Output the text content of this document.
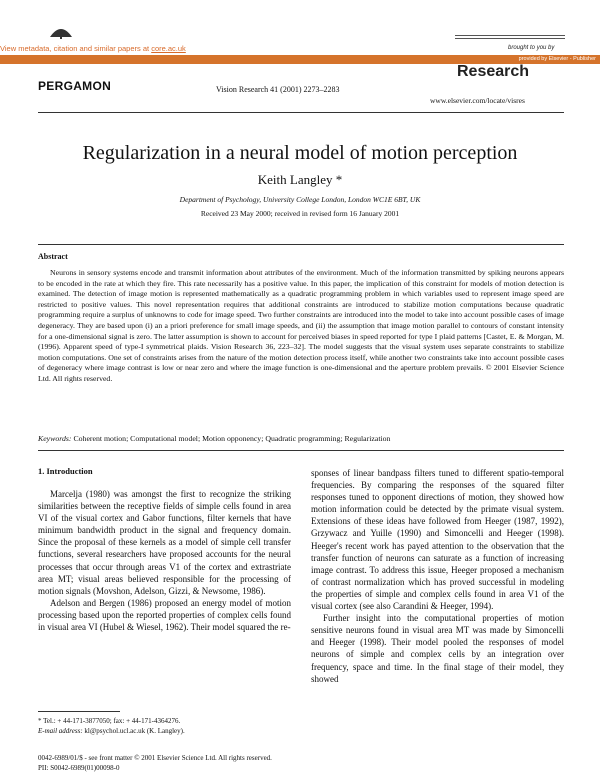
View metadata, citation and similar papers at core.ac.uk	brought to you by
provided by Elsevier - Publisher
PERGAMON	Vision Research 41 (2001) 2273–2283
Research
www.elsevier.com/locate/visres
Regularization in a neural model of motion perception
Keith Langley *
Department of Psychology, University College London, London WC1E 6BT, UK
Received 23 May 2000; received in revised form 16 January 2001
Abstract
Neurons in sensory systems encode and transmit information about attributes of the environment. Much of the information transmitted by spiking neurons appears to be encoded in the rate at which they fire. This rate necessarily has a positive value. In this paper, the implication of this constraint for models of motion detection is examined. The detection of image motion is represented mathematically as a quadratic programming problem in which variables used to represent image speed are restricted to positive values. This novel representation requires that additional constraints are introduced to stabilize motion computations because quadratic programming require a surplus of unknowns to code for image speed. Two further constraints are introduced into the model to take into account possible cases of image degeneracy. They are based upon (i) an a priori preference for small image speeds, and (ii) the assumption that image motion parallel to contours of constant intensity for a one-dimensional signal is zero. The latter assumption is shown to account for perceived biases in speed reported for type I plaid patterns [Castet, E. & Morgan, M. (1996). Apparent speed of type-I symmetrical plaids. Vision Research 36, 223–32]. The model suggests that the visual system uses separate constraints to stabilize motion computations. One set of constraints arises from the nature of the motion detection process itself, while another two constraints take into account possible cases of degeneracy where image contrast is low or near zero and where the image function is one-dimensional and the aperture problem prevails. © 2001 Elsevier Science Ltd. All rights reserved.
Keywords: Coherent motion; Computational model; Motion opponency; Quadratic programming; Regularization
1. Introduction

Marcelja (1980) was amongst the first to recognize the striking similarities between the receptive fields of simple cells found in area VI of the visual cortex and Gabor functions, filter kernels that have minimum bandwidth product in the signal and frequency domain. Since the proposal of these kernels as a model of simple cell transfer functions, several researchers have proposed accounts for the neural processes that occur through areas V1 of the cortex and extrastriate area MT; visual areas believed responsible for the processing of motion signals (Movshon, Adelson, Gizzi, & Newsome, 1986).

Adelson and Bergen (1986) proposed an energy model of motion processing based upon the reported properties of complex cells found in visual area VI (Hubel & Wiesel, 1962). Their model squared the re-

sponses of linear bandpass filters tuned to different spatio-temporal frequencies. By comparing the responses of the squared filter responses tuned to opponent directions of motion, they showed how motion information could be detected by the primate visual system. Extensions of these ideas have followed from Heeger (1987, 1992), Grzywacz and Yuille (1990) and Simoncelli and Heeger (1998). Heeger's recent work has payed attention to the observation that the transfer function of neurons can saturate as a function of increasing image contrast. To address this issue, Heeger proposed a mechanism of contrast normalization which has proved successful in modeling the properties of simple and complex cells found in area V1 of the visual cortex (see also Carandini & Heeger, 1994).

Further insight into the computational properties of motion sensitive neurons found in visual area MT was made by Simoncelli and Heeger (1998). Their model pooled the responses of model neurons of simple and complex cells by an integration over frequency, space and time. In the final stage of their model, they showed

* Tel.: + 44-171-3877050; fax: + 44-171-4364276.
E-mail address: kl@psychol.ucl.ac.uk (K. Langley).
0042-6989/01/$ - see front matter © 2001 Elsevier Science Ltd. All rights reserved.
PII: S0042-6989(01)00098-0
